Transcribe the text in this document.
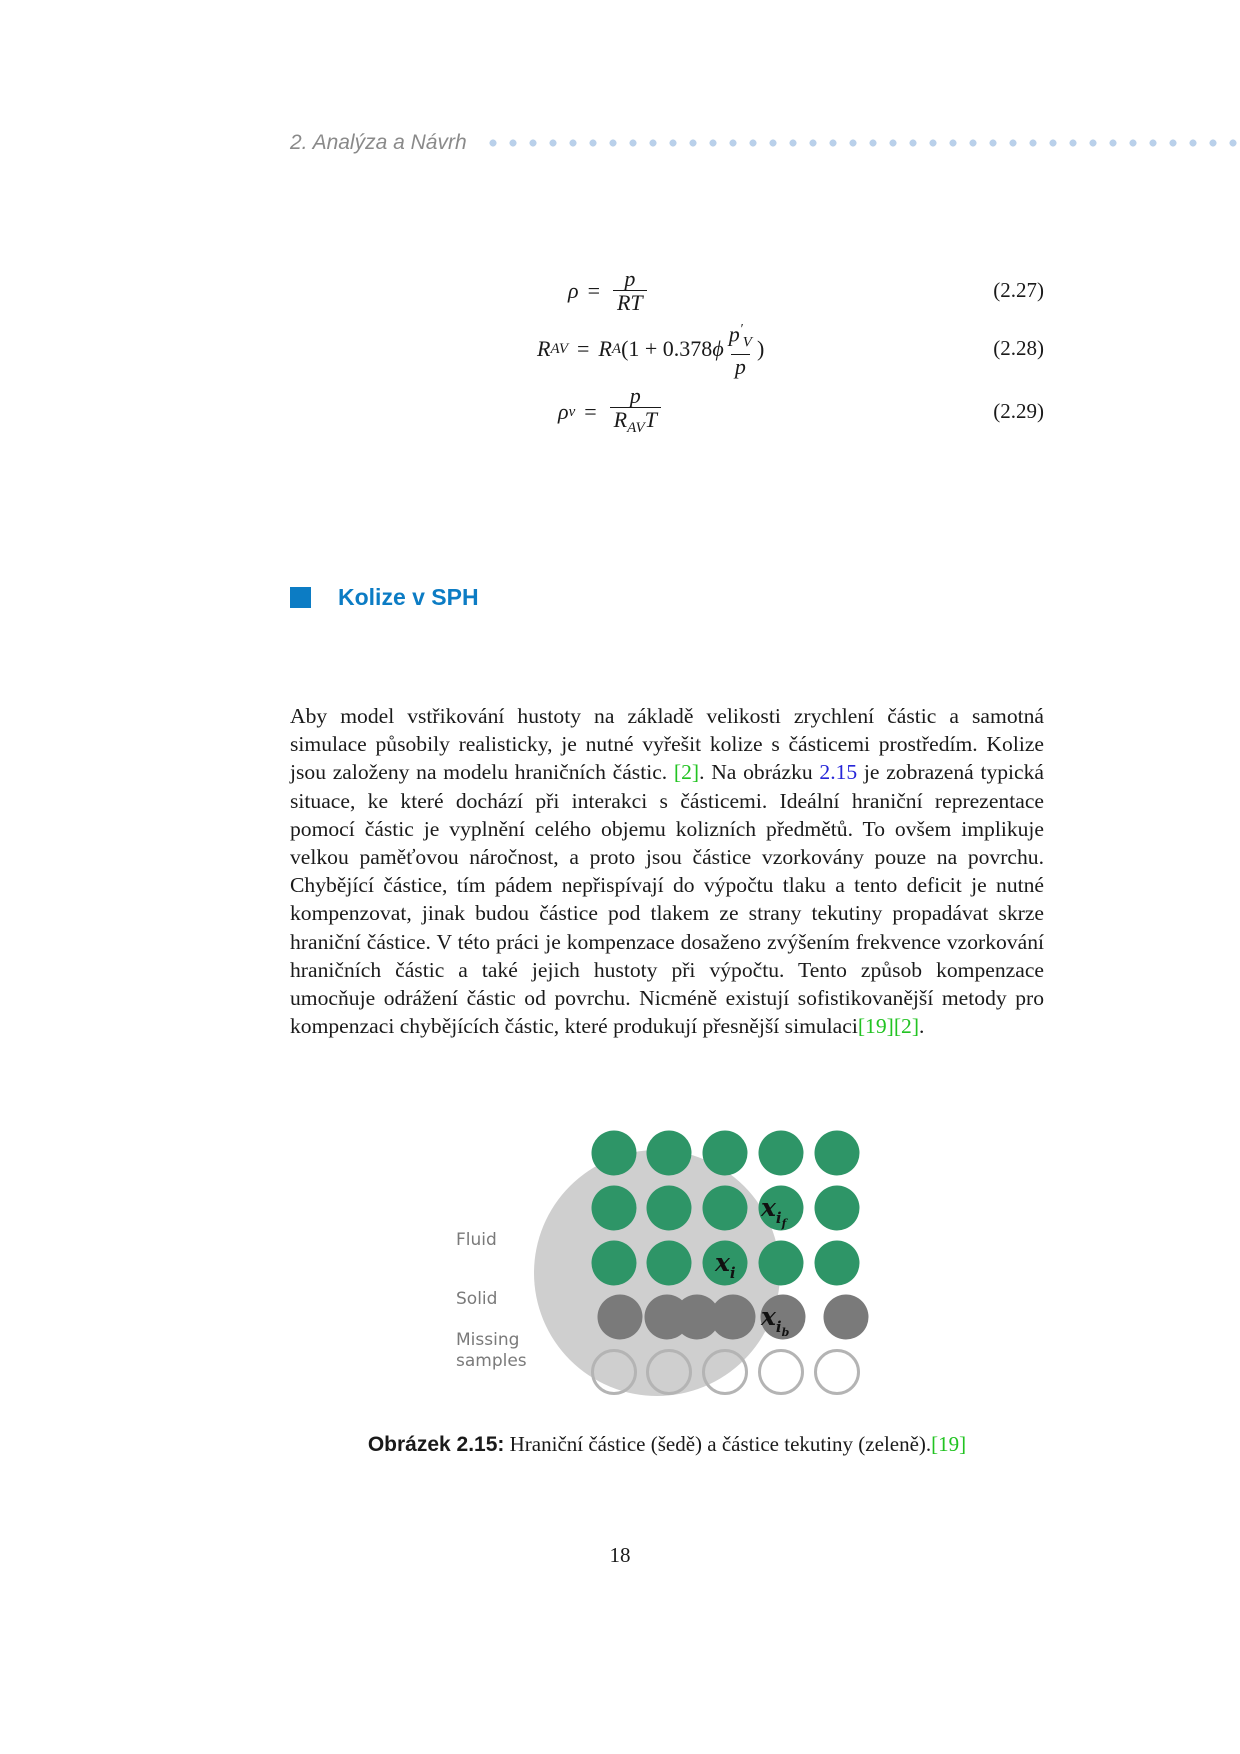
2. Analýza a Návrh
$\rho = \frac{p}{RT}$	(2.27)
R AV = R A (1 + 0.378 ϕ $\frac{p'_V}{p}$ )	(2.28)
ρ $v = \frac{p}{R_{AV}T}$	(2.29)
Kolize v SPH
Aby model vstřikování hustoty na základě velikosti zrychlení částic a samotná simulace působily realisticky, je nutné vyřešit kolize s částicemi prostředím. Kolize jsou založeny na modelu hraničních částic. [2]. Na obrázku 2.15 je zobrazená typická situace, ke které dochází při interakci s částicemi. Ideální hraniční reprezentace pomocí částic je vyplnění celého objemu kolizních předmětů. To ovšem implikuje velkou paměťovou náročnost, a proto jsou částice vzorkovány pouze na povrchu. Chybějící částice, tím pádem nepřispívají do výpočtu tlaku a tento deficit je nutné kompenzovat, jinak budou částice pod tlakem ze strany tekutiny propadávat skrze hraniční částice. V této práci je kompenzace dosaženo zvýšením frekvence vzorkování hraničních částic a také jejich hustoty při výpočtu. Tento způsob kompenzace umocňuje odrážení částic od povrchu. Nicméně existují sofistikovanější metody pro kompenzaci chybějících částic, které produkují přesnější simulaci[19][2].
$x_if$
$x_i$
$x_ib$
Fluid
Solid
Missing
samples
Obrázek 2.15: Hraniční částice (šedě) a částice tekutiny (zeleně).[19]
18
